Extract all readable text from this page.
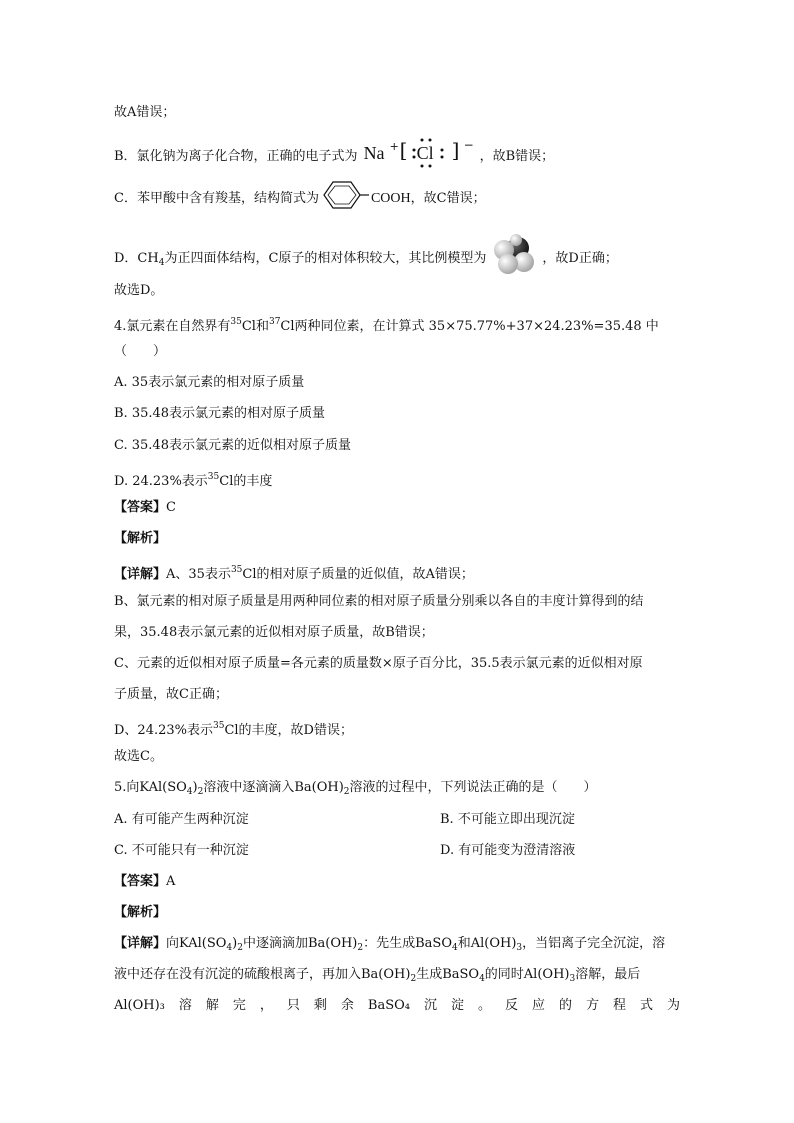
故A错误；
B．氯化钠为离子化合物，正确的电子式为 Na + [ Cl ] −
，故B错误；
C．苯甲酸中含有羧基，结构简式为	COOH，故C错误；
D．$CH_4$为正四面体结构，C原子的相对体积较大，其比例模型为	，故D正确；
故选D。
4.氯元素在自然界有$^{35}$Cl和$^{37}$Cl两种同位素，在计算式 35×75.77%+37×24.23%=35.48 中
（　　）
A. 35表示氯元素的相对原子质量
B. 35.48表示氯元素的相对原子质量
C. 35.48表示氯元素的近似相对原子质量
D. 24.23%表示$^{35}$Cl的丰度
【答案】C
【解析】
【详解】A、35表示$^{35}$Cl的相对原子质量的近似值，故A错误；
B、氯元素的相对原子质量是用两种同位素的相对原子质量分别乘以各自的丰度计算得到的结
果，35.48表示氯元素的近似相对原子质量，故B错误；
C、元素的近似相对原子质量=各元素的质量数×原子百分比，35.5表示氯元素的近似相对原
子质量，故C正确；
D、24.23%表示$^{35}$Cl的丰度，故D错误；
故选C。
5.向$KAl(SO_4)_2$溶液中逐滴滴入$Ba(OH)_2$溶液的过程中，下列说法正确的是（　　）
A. 有可能产生两种沉淀	B. 不可能立即出现沉淀
C. 不可能只有一种沉淀	D. 有可能变为澄清溶液
【答案】A
【解析】
【详解】向$KAl(SO_4)_2$中逐滴滴加$Ba(OH)_2$：先生成BaSO$_4$和$Al(OH)_3$，当铝离子完全沉淀，溶
液中还存在没有沉淀的硫酸根离子，再加入$Ba(OH)_2$生成BaSO$_4$的同时$Al(OH)_3$溶解，最后
Al(OH)₃ 溶 解 完 ， 只 剩 余 BaSO₄ 沉 淀 。 反 应 的 方 程 式 为
